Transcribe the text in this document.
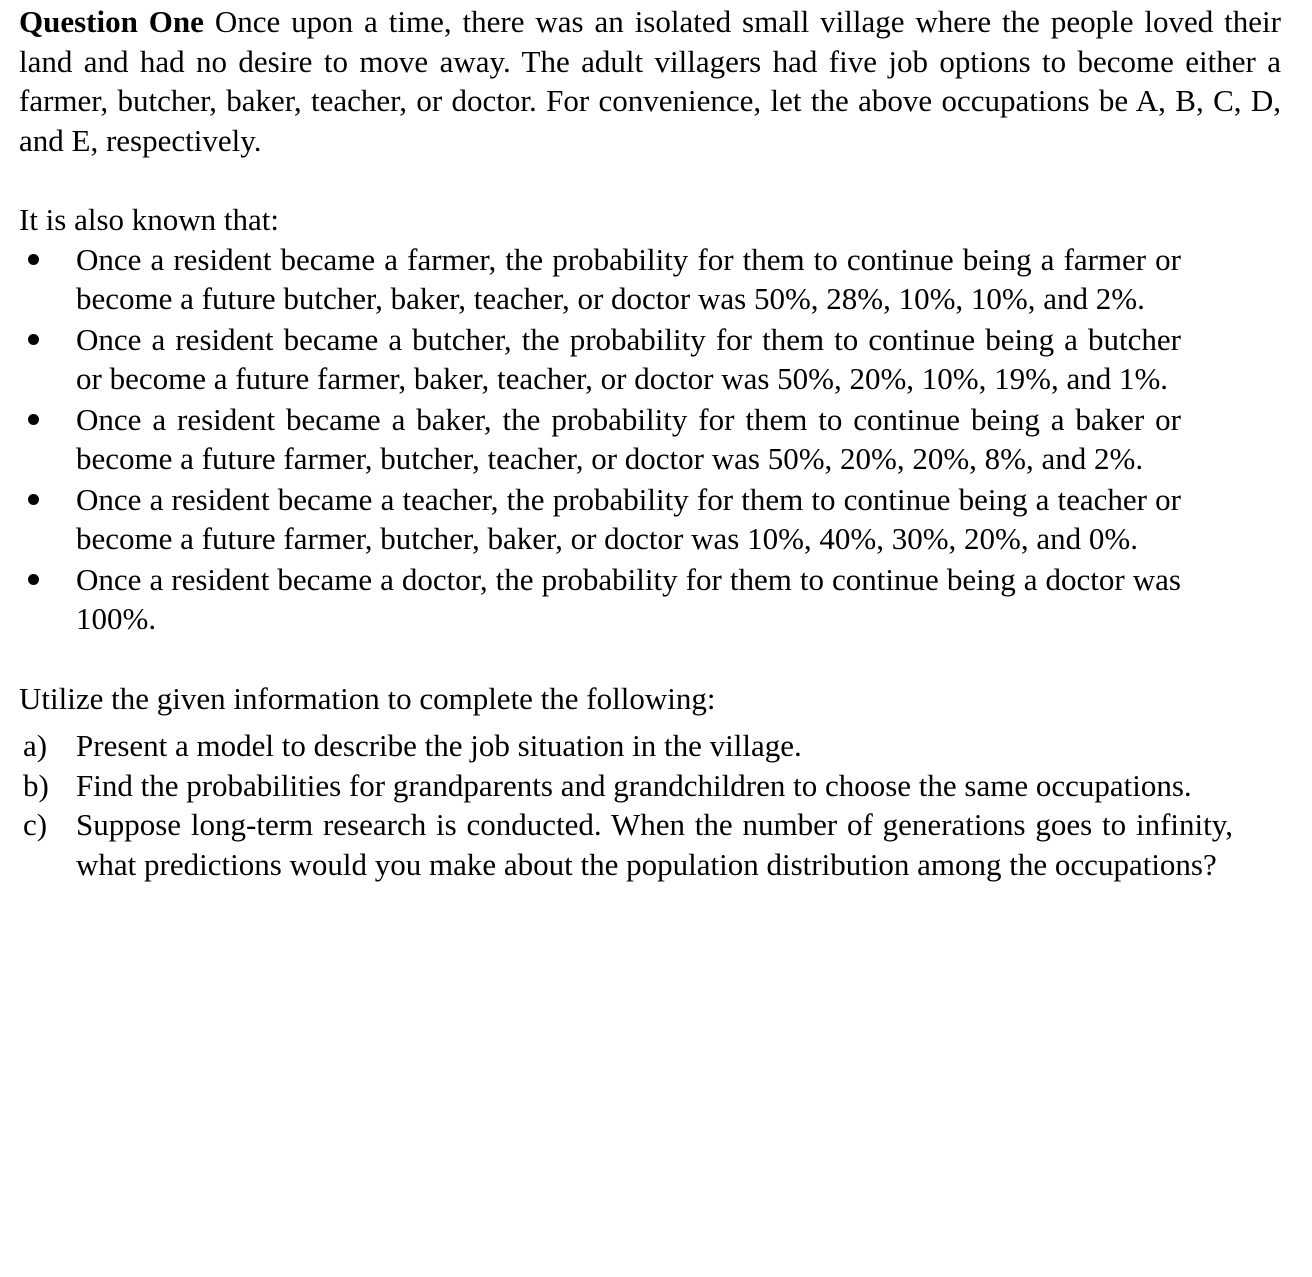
Question One Once upon a time, there was an isolated small village where the people loved their land and had no desire to move away. The adult villagers had five job options to become either a farmer, butcher, baker, teacher, or doctor. For convenience, let the above occupations be A, B, C, D, and E, respectively.

It is also known that:

Once a resident became a farmer, the probability for them to continue being a farmer or become a future butcher, baker, teacher, or doctor was 50%, 28%, 10%, 10%, and 2%.
Once a resident became a butcher, the probability for them to continue being a butcher or become a future farmer, baker, teacher, or doctor was 50%, 20%, 10%, 19%, and 1%.
Once a resident became a baker, the probability for them to continue being a baker or become a future farmer, butcher, teacher, or doctor was 50%, 20%, 20%, 8%, and 2%.
Once a resident became a teacher, the probability for them to continue being a teacher or become a future farmer, butcher, baker, or doctor was 10%, 40%, 30%, 20%, and 0%.
Once a resident became a doctor, the probability for them to continue being a doctor was 100%.

Utilize the given information to complete the following:

a) Present a model to describe the job situation in the village.
b) Find the probabilities for grandparents and grandchildren to choose the same occupations.
c) Suppose long-term research is conducted. When the number of generations goes to infinity, what predictions would you make about the population distribution among the occupations?
